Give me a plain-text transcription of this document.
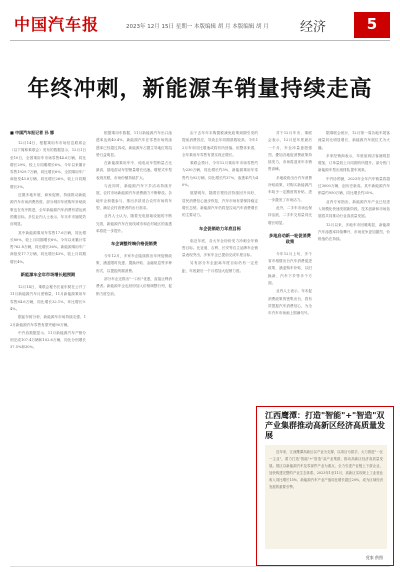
中国汽车报	2023年 12月 15日 星期一 本版编辑 胡 月 本版编辑 胡 月 经济	5
年终冲刺，新能源车销量持续走高
■ 中国汽车报记者 孙 娜

12月14日，根据乘用车市场信息联席会（以下简称乘联会）发布的数据显示，12月1日至10日，全国乘用车市场零售44.6万辆，同比增长29%，较上月同期增长6%。今年以来累计零售1929.7万辆，同比增长6%，全国乘用车厂商批发43.8万辆，同比增长26%，较上月同期增长3%。

近期多地车展、商家促销，持续推动新能源汽车市场消费热度。部分城市年底购车补贴政策也在有序推进，全年新能源汽车消费有望达到预期目标。多位业内人士表示，年末车市翘尾效应明显。

其中新能源乘用车零售17.6万辆，同比增长80%，较上月同期增长6%。今年以来累计零售762.8万辆，同比增长36%。新能源乘用车厂商批发17.7万辆，同比增长43%，较上月同期增长4%。

新能源车全年市场增长超预期

12月14日，乘联会秘书长崔东树在公开了11月新能源汽车月度销量，11月新能源乘用车零售84.6万辆，同比增长32.1%，环比增长9.4%。

据崔东树分析，新能源车市场持续走强，12月新能源汽车零售有望突破90万辆。

中汽协数据显示，11月新能源汽车产销分别完成107.4万辆和102.6万辆，同比分别增长37.5%和30%。

根据乘用车数据，11月新能源汽车出口渗透率达到40.4%，新能源汽车在零售市场的渗透率已经超过四成。新能源车占据主导地位的趋势日益明显。

在新能源乘用车中，纯电动车型销量占比最高，插电混动车型销量增长迅速。增程式车型表现亮眼，市场份额持续扩大。

与此同时，新能源汽车下乡活动持续开展，农村市场新能源汽车消费潜力不断释放。各地车企积极参与，推出多款适合农村市场的车型，满足农村消费者的出行需求。

业内人士认为，随着充电基础设施的不断完善，新能源汽车在低线城市和农村地区的渗透率将进一步提升。

车企调整终端价格促销费

今年12月，多家车企陆续推出年终促销政策，涵盖限时优惠、置换补贴、金融贴息等多种形式，以提振终端消费。

部分车企还推出"一口价"优惠，直接让利消费者。新能源车企也纷纷加入价格调整行列，促销力度空前。

由于去年年末购置税减免政策到期引发的提前消费效应，导致去年同期基数较高，今年12月车市同比增速或将有所回落。但整体来看，全年乘用车零售有望实现正增长。

乘联会预计，今年12月乘用车市场零售约为230万辆，同比增长约5%，新能源乘用车零售约为92万辆，同比增长约37%，渗透率约为40%。

展望明年，随着宏观经济持续回升向好，居民消费信心逐步恢复，汽车市场有望保持稳定增长态势。新能源汽车仍将是拉动汽车消费增长的主要动力。

车企促销助力年底目标

临近年底，各大车企纷纷发力冲刺全年销售目标。比亚迪、吉利、长安等自主品牌车企销量表现突出，多家车企已提前完成年度目标。

另有部分车企距离年度目标仍有一定差距，年底最后一个月将加大促销力度。

对于12月车市，乘联会表示，12月是年度最后一个月，车企冲量意愿强烈，叠加各地促消费政策持续发力，市场将迎来年末销售高峰。

多地政府出台汽车消费补贴政策，对购买新能源汽车给予一定额度的补贴，进一步激发了市场活力。

此外，二手车市场也保持活跃，二手车交易量同比增长明显。

多地启动新一轮促消费政策

今年12月上旬，多个省市相继出台汽车消费促进政策，涵盖购车补贴、以旧换新、汽车下乡等多个方面。

业内人士表示，年末促消费政策的密集出台，将有效提振汽车消费信心，为全年汽车市场画上圆满句号。

据乘联会统计，12月第一周各地车展客流量同比明显增长，新能源汽车展位尤为火爆。

多家经销商表示，年底前到店客流明显增加，订单量较上月同期有所提升。部分热门新能源车型出现排队提车现象。

中汽协预测，2023年全年汽车销量将超过3000万辆，创历史新高。其中新能源汽车销量约950万辆，同比增长约35%。

业内专家指出，新能源汽车产业已经进入规模化快速发展新阶段，技术创新和市场拓展将共同推动行业高质量发展。

12月以来，多地车市回暖明显，新能源汽车渗透率持续攀升，市场竞争更加激烈，价格战仍在持续。

江西鹰潭：打造"智能"+"智造"双产业集群推动高新区经济高质量发展

近年来，江西鹰潭高新区以产业为支撑，以项目为抓手，大力推进"一区一主业"，着力打造"智能"+"智造"双产业集群，推动高新区经济高质量发展。园区以新能源汽车及零部件产业为重点，全力引进产业链上下游企业，加快构建完整的产业生态体系。2023年1至11月，高新区实现规上工业营业收入同比增长15%，新能源汽车产业产值同比增长超过20%，成为区域经济发展的重要引擎。

党家 供图
